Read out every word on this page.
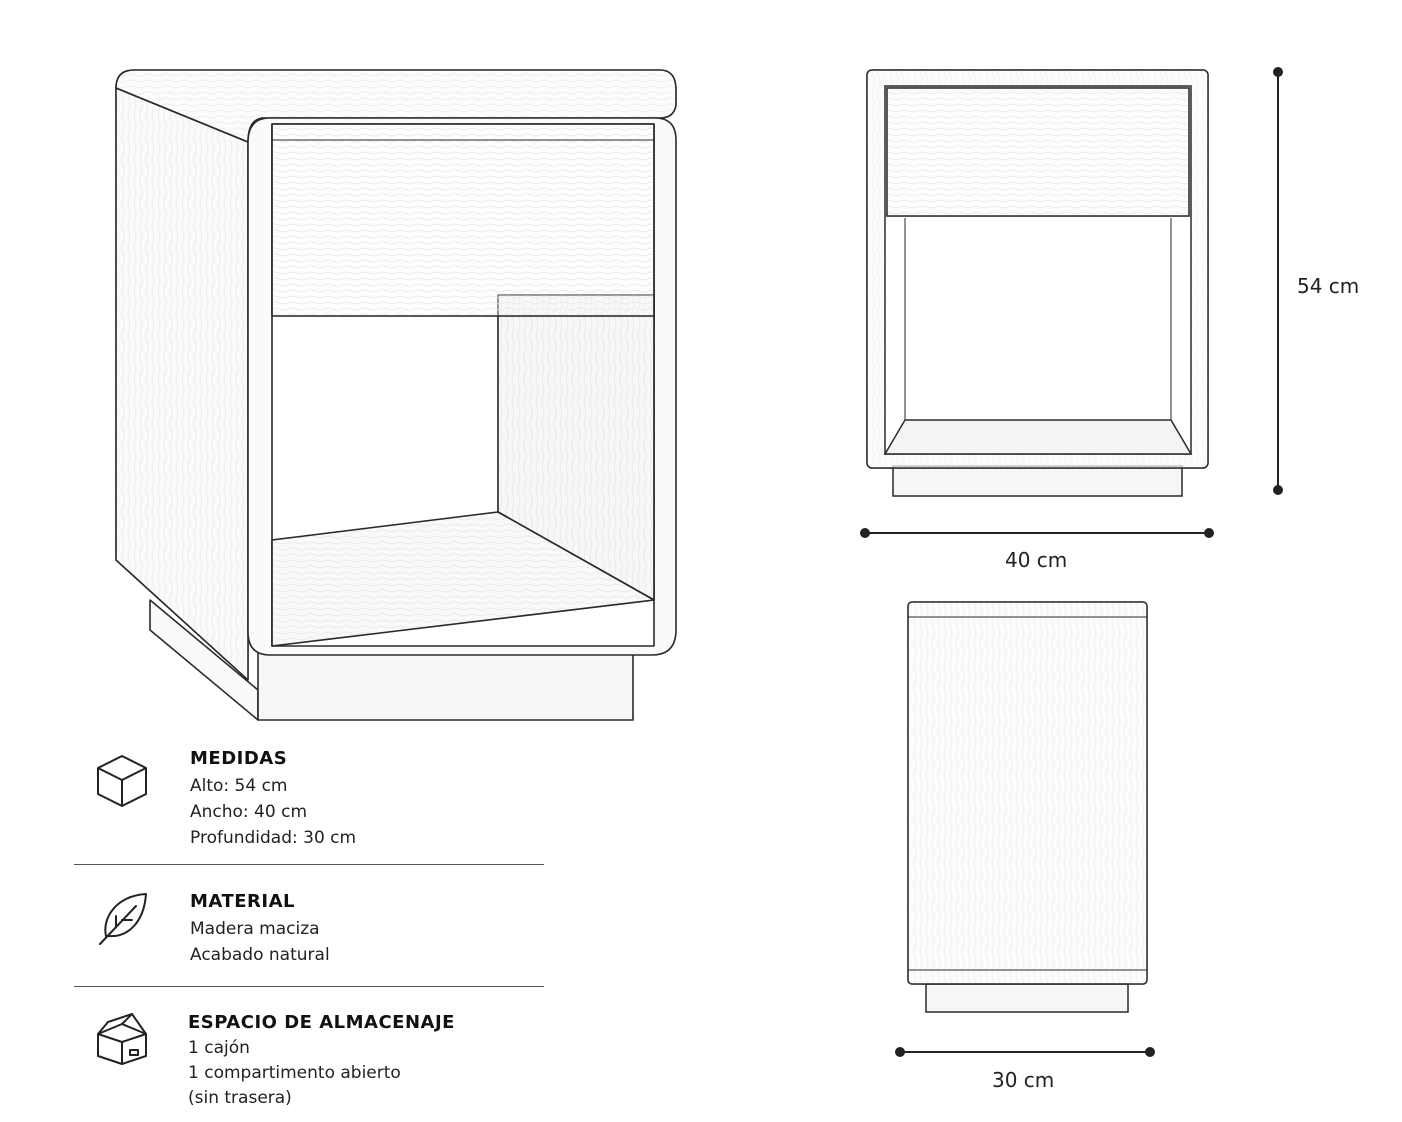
54 cm
40 cm
30 cm
MEDIDAS
Alto: 54 cm
Ancho: 40 cm
Profundidad: 30 cm
MATERIAL
Madera maciza
Acabado natural
ESPACIO DE ALMACENAJE
1 cajón
1 compartimento abierto
(sin trasera)
